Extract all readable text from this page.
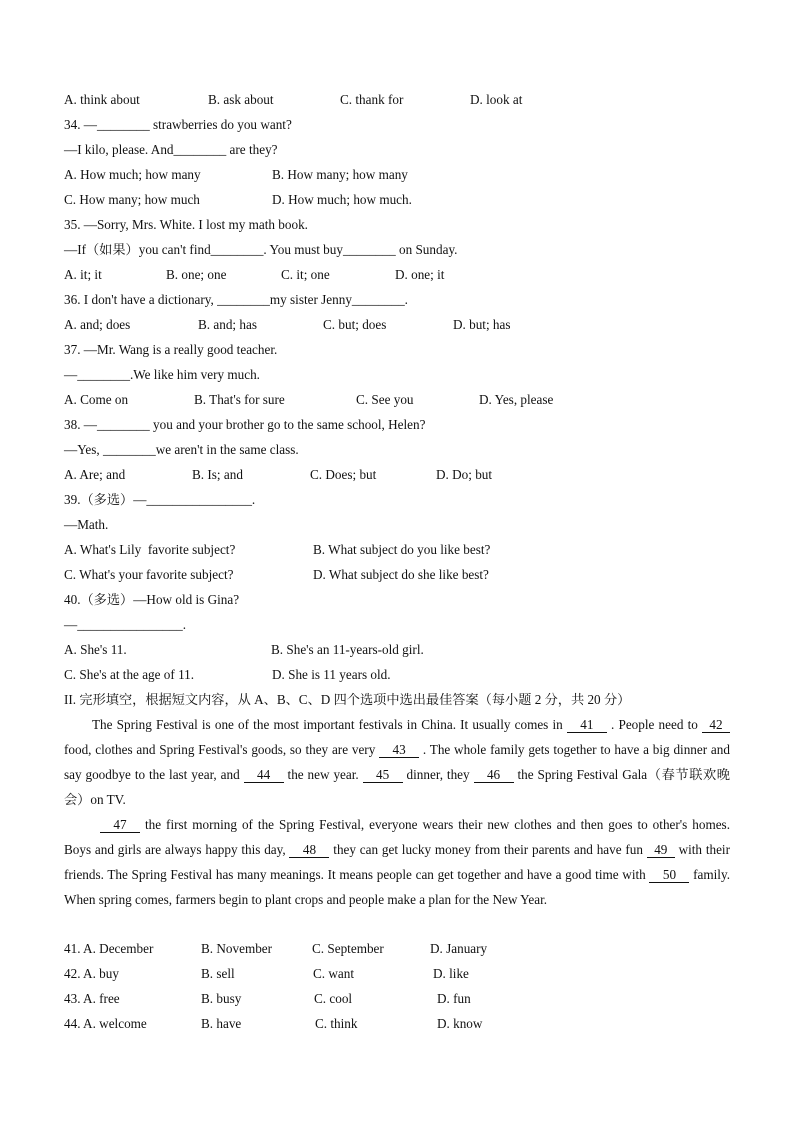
A. think about	B. ask about	C. thank for	D. look at
34. —________ strawberries do you want?
—I kilo, please. And________ are they?
A. How much; how many	B. How many; how many
C. How many; how much	D. How much; how much.
35. —Sorry, Mrs. White. I lost my math book.
—If（如果）you can't find________. You must buy________ on Sunday.
A. it; it	B. one; one	C. it; one	D. one; it
36. I don't have a dictionary, ________my sister Jenny________.
A. and; does	B. and; has	C. but; does	D. but; has
37. —Mr. Wang is a really good teacher.
—________.We like him very much.
A. Come on	B. That's for sure	C. See you	D. Yes, please
38. —________ you and your brother go to the same school, Helen?
—Yes, ________we aren't in the same class.
A. Are; and	B. Is; and	C. Does; but	D. Do; but
39.（多选）—________________.
—Math.
A. What's Lily  favorite subject?	B. What subject do you like best?
C. What's your favorite subject?	D. What subject do she like best?
40.（多选）—How old is Gina?
—________________.
A. She's 11.	B. She's an 11-years-old girl.
C. She's at the age of 11.	D. She is 11 years old.
II. 完形填空，根据短文内容，从 A、B、C、D 四个选项中选出最佳答案（每小题 2 分，共 20 分）
The Spring Festival is one of the most important festivals in China. It usually comes in 41 . People need to 42 food, clothes and Spring Festival's goods, so they are very 43 . The whole family gets together to have a big dinner and say goodbye to the last year, and 44 the new year. 45 dinner, they 46 the Spring Festival Gala（春节联欢晚会）on TV.
47 the first morning of the Spring Festival, everyone wears their new clothes and then goes to other's homes. Boys and girls are always happy this day, 48 they can get lucky money from their parents and have fun 49 with their friends. The Spring Festival has many meanings. It means people can get together and have a good time with 50 family. When spring comes, farmers begin to plant crops and people make a plan for the New Year.
41. A. December	B. November	C. September	D. January
42. A. buy	B. sell	C. want	D. like
43. A. free	B. busy	C. cool	D. fun
44. A. welcome	B. have	C. think	D. know
